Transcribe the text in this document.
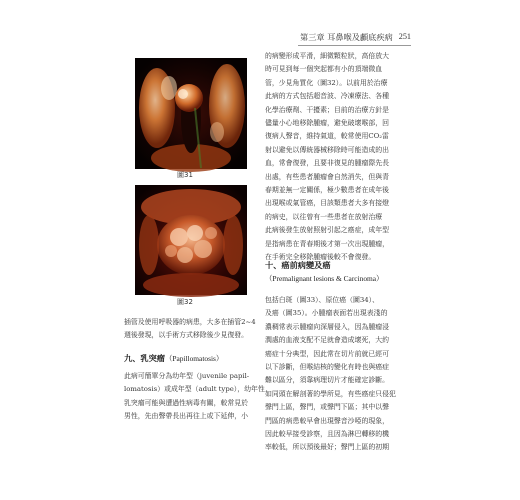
第三章 耳鼻喉及顱底疾病 251
圖31
圖32

的病變形成平滑，細微顆粒狀，高倍放大

時可見到每一個突起都有小的頂端微血

管，少見角質化（圖32）。以前用於治療

此病的方式包括超音波、冷凍療法、各種

化學治療劑、干擾素；目前的治療方針是

儘量小心地移除腫瘤，避免破壞喉部，回

復病人聲音，維持氣道，較常使用CO₂雷

射以避免以傳統器械移除時可能造成的出

血，常會復發，且要非復見的腫瘤際先長

出處，有些患者腫瘤會自然消失，但與青

春期並無一定關係，極少數患者在成年後

出現喉或氣管癌，目該類患者大多有接燈

的病史，以往曾有一些患者在放射治療

此病後發生放射照射引起之癌症，成年型

是指病患在青春期後才第一次出現腫瘤，

在手術完全移除腫瘤後較不會復發。

十、癌前病變及癌
（Premalignant lesions & Carcinoma）

包括白斑（圖33）、原位癌（圖34）、

及癌（圖35）。小腫瘤表面若出現表淺的

濃稠常表示腫瘤向深層侵入，因為腫瘤浸

潤處的血液支配不足就會造成壞死，大約

癌症十分典型，因此常在切片前就已經可

以下診斷，但喉結核的變化有時也與癌症

難以區分，須靠病理切片才能確定診斷。

如同頭在解剖著的學所見，有些癌症只侵犯

聲門上區，聲門，或聲門下區；其中以聲

門區的病患較早會出現聲音沙啞的現象，

因此較早接受診察，且因為淋巴轉移的機

率較低，所以預後最好；聲門上區的初期

插管及使用呼吸器的病患，大多在插管2~4

週後發現，以手術方式移除後少見復發。

九、乳突瘤（Papillomatosis）

此病可簡單分為幼年型（juvenile papil-

lomatosis）或成年型（adult type），幼年性

乳突瘤可能與遭過性病毒有關，較常見於

男性，先由聲帶長出再往上或下延伸，小
